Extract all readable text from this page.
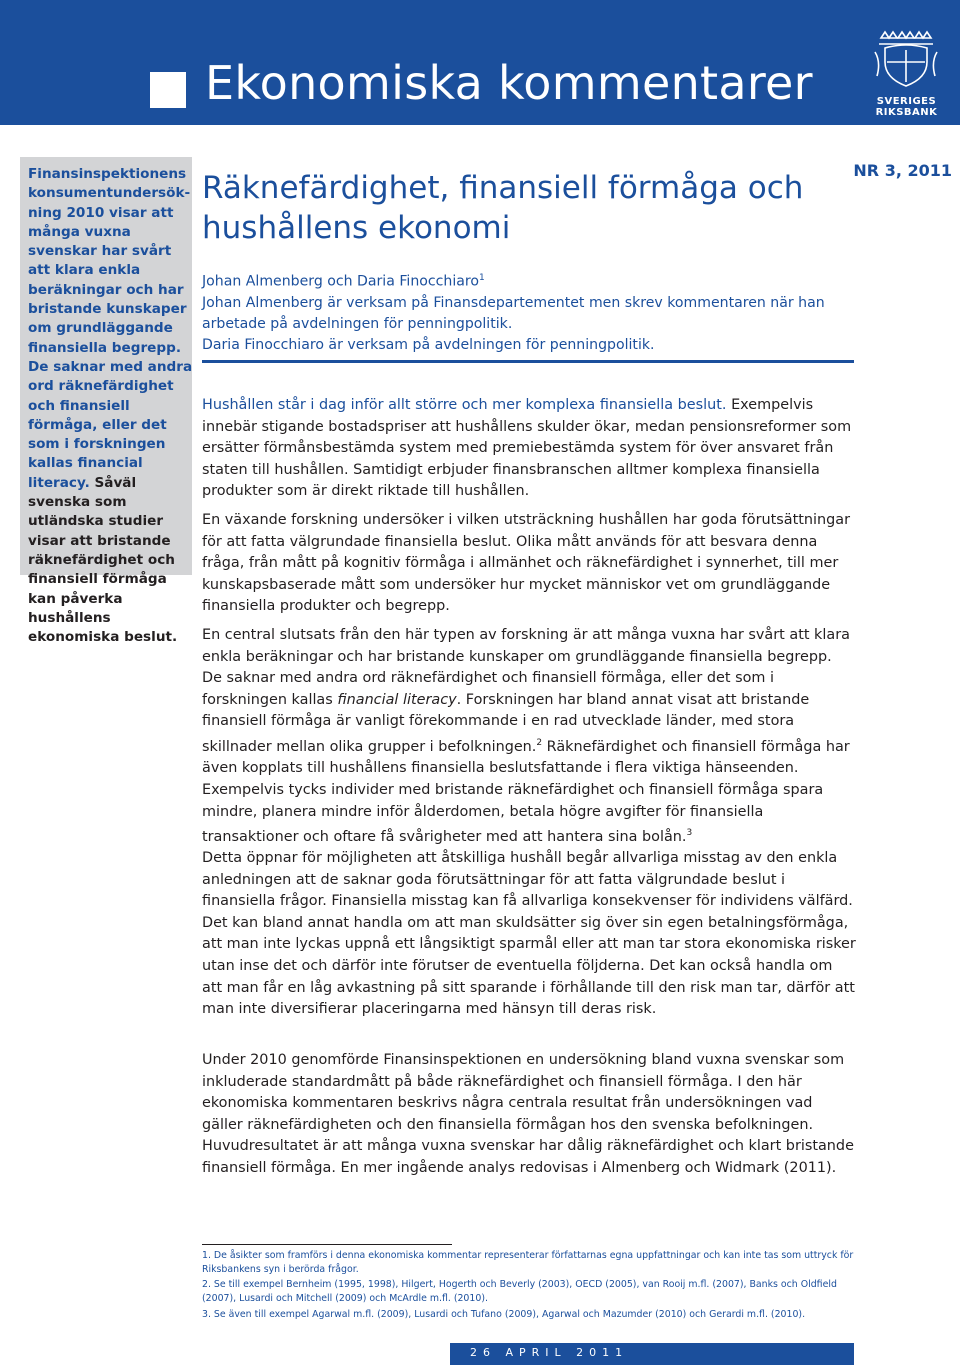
Ekonomiska kommentarer	SVERIGES
RIKSBANK
Finansinspektionens konsumentundersökning 2010 visar att många vuxna svenskar har svårt att klara enkla beräkningar och har bristande kunskaper om grundläggande finansiella begrepp. De saknar med andra ord räknefärdighet och finansiell förmåga, eller det som i forskningen kallas financial literacy. Såväl svenska som utländska studier visar att bristande räknefärdighet och finansiell förmåga kan påverka hushållens ekonomiska beslut.
NR 3, 2011
Räknefärdighet, finansiell förmåga och hushållens ekonomi
Johan Almenberg och Daria Finocchiaro$^1$
Johan Almenberg är verksam på Finansdepartementet men skrev kommentaren när han arbetade på avdelningen för penningpolitik.
Daria Finocchiaro är verksam på avdelningen för penningpolitik.

Hushållen står i dag inför allt större och mer komplexa finansiella beslut. Exempelvis innebär stigande bostadspriser att hushållens skulder ökar, medan pensionsreformer som ersätter förmånsbestämda system med premiebestämda system för över ansvaret från staten till hushållen. Samtidigt erbjuder finansbranschen alltmer komplexa finansiella produkter som är direkt riktade till hushållen.

En växande forskning undersöker i vilken utsträckning hushållen har goda förutsättningar för att fatta välgrundade finansiella beslut. Olika mått används för att besvara denna fråga, från mått på kognitiv förmåga i allmänhet och räknefärdighet i synnerhet, till mer kunskapsbaserade mått som undersöker hur mycket människor vet om grundläggande finansiella produkter och begrepp.

En central slutsats från den här typen av forskning är att många vuxna har svårt att klara enkla beräkningar och har bristande kunskaper om grundläggande finansiella begrepp. De saknar med andra ord räknefärdighet och finansiell förmåga, eller det som i forskningen kallas financial literacy. Forskningen har bland annat visat att bristande finansiell förmåga är vanligt förekommande i en rad utvecklade länder, med stora skillnader mellan olika grupper i befolkningen.$^2$ Räknefärdighet och finansiell förmåga har även kopplats till hushållens finansiella beslutsfattande i flera viktiga hänseenden. Exempelvis tycks individer med bristande räknefärdighet och finansiell förmåga spara mindre, planera mindre inför ålderdomen, betala högre avgifter för finansiella transaktioner och oftare få svårigheter med att hantera sina bolån.$^3$

Detta öppnar för möjligheten att åtskilliga hushåll begår allvarliga misstag av den enkla anledningen att de saknar goda förutsättningar för att fatta välgrundade beslut i finansiella frågor. Finansiella misstag kan få allvarliga konsekvenser för individens välfärd. Det kan bland annat handla om att man skuldsätter sig över sin egen betalningsförmåga, att man inte lyckas uppnå ett långsiktigt sparmål eller att man tar stora ekonomiska risker utan inse det och därför inte förutser de eventuella följderna. Det kan också handla om att man får en låg avkastning på sitt sparande i förhållande till den risk man tar, därför att man inte diversifierar placeringarna med hänsyn till deras risk.

Under 2010 genomförde Finansinspektionen en undersökning bland vuxna svenskar som inkluderade standardmått på både räknefärdighet och finansiell förmåga. I den här ekonomiska kommentaren beskrivs några centrala resultat från undersökningen vad gäller räknefärdigheten och den finansiella förmågan hos den svenska befolkningen. Huvudresultatet är att många vuxna svenskar har dålig räknefärdighet och klart bristande finansiell förmåga. En mer ingående analys redovisas i Almenberg och Widmark (2011).

1. De åsikter som framförs i denna ekonomiska kommentar representerar författarnas egna uppfattningar och kan inte tas som uttryck för Riksbankens syn i berörda frågor.
2. Se till exempel Bernheim (1995, 1998), Hilgert, Hogerth och Beverly (2003), OECD (2005), van Rooij m.fl. (2007), Banks och Oldfield (2007), Lusardi och Mitchell (2009) och McArdle m.fl. (2010).
3. Se även till exempel Agarwal m.fl. (2009), Lusardi och Tufano (2009), Agarwal och Mazumder (2010) och Gerardi m.fl. (2010).
26 APRIL 2011
